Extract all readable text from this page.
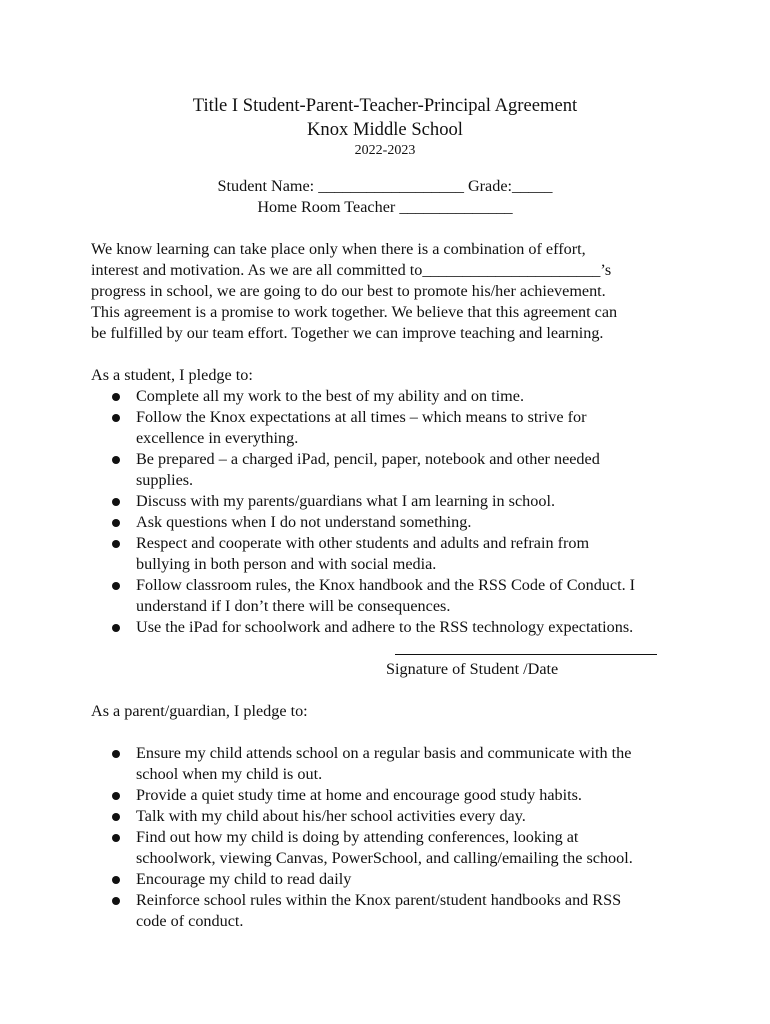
Title I Student-Parent-Teacher-Principal Agreement
Knox Middle School
2022-2023
Student Name: __________________ Grade:_____
Home Room Teacher ______________
We know learning can take place only when there is a combination of effort,
interest and motivation. As we are all committed to______________________’s
progress in school, we are going to do our best to promote his/her achievement.
This agreement is a promise to work together. We believe that this agreement can
be fulfilled by our team effort. Together we can improve teaching and learning.
As a student, I pledge to:
Complete all my work to the best of my ability and on time.
Follow the Knox expectations at all times – which means to strive for
excellence in everything.
Be prepared – a charged iPad, pencil, paper, notebook and other needed
supplies.
Discuss with my parents/guardians what I am learning in school.
Ask questions when I do not understand something.
Respect and cooperate with other students and adults and refrain from
bullying in both person and with social media.
Follow classroom rules, the Knox handbook and the RSS Code of Conduct. I
understand if I don’t there will be consequences.
Use the iPad for schoolwork and adhere to the RSS technology expectations.
Signature of Student /Date
As a parent/guardian, I pledge to:
Ensure my child attends school on a regular basis and communicate with the
school when my child is out.
Provide a quiet study time at home and encourage good study habits.
Talk with my child about his/her school activities every day.
Find out how my child is doing by attending conferences, looking at
schoolwork, viewing Canvas, PowerSchool, and calling/emailing the school.
Encourage my child to read daily
Reinforce school rules within the Knox parent/student handbooks and RSS
code of conduct.
